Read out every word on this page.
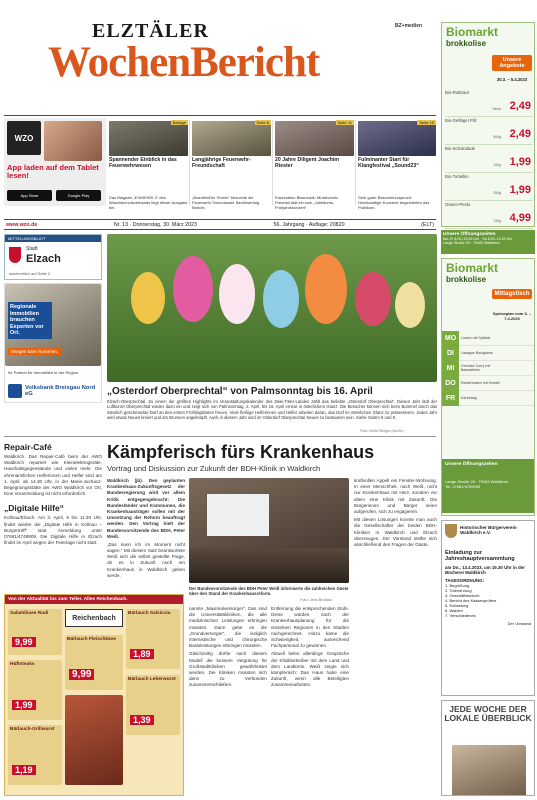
ELZTÄLER
WochenBericht
BZ+medien
WZO
App laden auf dem Tablet lesen!
App Store	Google Play
Beilage
Spannender Einblick in das Feuerwehrwesen
Das Magazin „EINSEINS 2“ des Waschtechnikverbands liegt dieser Ausgabe bei.
Seite 8
Langjährige Feuerwehr-Freundschaft
„Brandheißer Termin“ besuchte die Feuerwehr Simonswald. Bezirkserfolg Bericht.
Seite 11
20 Jahre Diligent Joachim Riester
Faszination Blasmusik: Musikverein Prechtal lädt ein zum „Jubiläums-Frühjahrskonzert“.
Seite 15
Fulminanter Start für Klangfestival „Sound23“
Sehr guter Besucherzuspruch: Hochkarätige Konzerte begeisterten das Publikum.
www.wzo.de	Nr. 13 · Donnerstag, 30. März 2023	56. Jahrgang · Auflage: 20820	(ELT)
MITTELUNGSBLATT
Stadt
Elzach
wöchentlich auf Seite 2
Regionale Immobilien brauchen Experten vor Ort.
Morgen kann kommen.
Ihr Partner für Immobilien in der Region
Volksbank Breisgau Nord eG	„Osterdorf Oberprechtal“ von Palmsonntag bis 16. April
Elzach-Oberprechtal. Zu einem der größten Highlights im Veranstaltungskalender des Zwei-Täler-Landes zählt das beliebte „Osterdorf Oberprechtal“. Diesen Jahr lädt der Luftkurort Oberprechtal wieder dazu ein und zeigt sich von Palmsonntag, 2. April, bis 16. April erneut in österlichem Glanz. Die Besucher können sich beim Bummel durch das österlich geschmückte Dorf an den ersten Frühlingsboten freuen. Viele fleißige Helferinnen und Helfer arbeiten daran, das Dorf im österlichen Glanz zu präsentieren. Jedes Jahr wird etwas Neues kreiert und am Brunnen angeknüpft. Auch in diesem Jahr wird im Osterdorf Oberprechtal Neues zu bestaunen sein. Siehe Seiten 8 und 9.
Foto: Detlef Berger (Archiv)
Repair-Café

Waldkirch. Das Repair-Café beim der AWO Waldkirch repariert wie Kleinelektrogeräte, Haushaltsgegenstände und vieles mehr. Die ehrenamtlichen Helferinnen und Helfer sind am 1. April, ab 14.30 Uhr, in der Marie-Juchacz-Begegnungsstätte der AWO Waldkirch vor Ort. Eine Voranmeldung ist nicht erforderlich.

„Digitale Hilfe“

Kollnau/Elzach. Am 3. April, 9 bis 11.30 Uhr, findet wieder die „Digitale Hilfe in Kollnau – Bürgertreff“ statt. Anmeldung unter 07681/4749909. Die Digitale Hilfe in Elzach findet im April wegen der Feiertage nicht statt.

Kämpferisch fürs Krankenhaus
Vortrag und Diskussion zur Zukunft der BDH-Klinik in Waldkirch

Waldkirch (jb). Den geplanten Krankenhaus-Zukunftsgesetz der Bundesregierung wird vor allem Kritik entgegengebracht: Die Bundesländer und Kommunen, die Krankenhausträger sollen mit der Umsetzung der Reform beauftragt werden. Den Vortrag hielt der Bundesvorsitzende des BDH, Peter Weiß.

„Das kann ich im Moment nicht sagen.“ Mit diesem Satz beantwortete Weiß sich die selbst gestellte Frage, ob es in Zukunft noch ein Krankenhaus in Waldkirch geben werde.

Der Bundesvorsitzende des BDH Peter Weiß informierte die zahlreichen Gäste über den Stand der Krankenhausreform.
Foto: Jens Brodatz

kraftvollen Appell ein Fenster-Wohnung. In einer Menschheit, nach Weiß, nicht nur Krankenhaus mit Herz, sondern vor allem eine Klinik mit Zukunft. Die Bürgerinnen und Bürger seien aufgerufen, sich zu engagieren.

Mit diesen Lösungen konnte man auch die Gesellschafter der beiden BDH-Kliniken in Waldkirch und Elzach überzeugen. Der Vorstand stellte sich abschließend den Fragen der Gäste.

nannte „Maximalversorger“. Das sind die Universitätskliniken, die alle medizinischen Leistungen erbringen müssten. Dann gebe es die „Grundversorger“, die lediglich internistische und chirurgische Basisleistungen erbringen müssten.

Gleichzeitig dürfte nach diesem Modell die bessere Vergütung für Großstadtkliniken gewährleistet werden. Die Kliniken müssten sich dann zu Verbünden zusammenschließen.

Entfernung die entsprechenden Stufe. Diese würden nach der Krankenhausplanung für die einzelnen Regionen in den Städten nachgerechnet. Hinzu käme die Schwierigkeit, ausreichend Fachpersonal zu gewinnen.

Aktuell liefen allerdings Gespräche der Klinikbetreiber mit dem Land und dem Landkreis. Weiß zeigte sich kämpferisch: Das Haus habe eine Zukunft, wenn alle Beteiligten zusammenarbeiten.

Von der Aktualität bis zum Teller. Alles Reichenbach.
Reichenbach
Salamihase Rudi
9,99
Bärlauch Salsiccia
1,89
Bärlauch Fleischkäse
9,99	Bärlauch Leberwurst
1,39
Hüftsteaks
1,99
Bärlauch-Grillwurst
1,19
Biomarkt
brokkolise
Unsere Angebote
30.3. – 5.4.2023
Bio-Rotkraut
Stück 2,49
Bio-Geflügel Pilz
500g 2,49
Bio-Schokolade
100g 1,99
Bio-Tortellini
250g 1,99
Ostern-Pesto
130g 4,99
Unsere Öffnungszeiten
Mo–Fr 8.00–19.00 Uhr · Sa 8.00–16.00 Uhr
Lange Straße 28 · 79183 Waldkirch
Biomarkt
brokkolise
Mittagstisch
Speiseplan vom 3. – 7.4.2023
MO	Linsen mit Spätzle
DI	Lasagne Bolognese
MI	Gemüse Curry mit Basmatireis
DO	Rinderbraten mit Knödel
FR	Karfreitag
Unsere Öffnungszeiten
Lange Straße 28 · 79183 Waldkirch
Tel. 07681/4759995
Historischer Bürgerverein Waldkirch e.V.
Einladung zur Jahreshauptversammlung
am Do., 13.4.2023, um 19.30 Uhr in der Bücherei Waldkirch
TAGESORDNUNG:
1. Begrüßung
2. Totenehrung
3. Geschäftsbericht
4. Bericht des Kassenprüfers
5. Entlastung
6. Wahlen
7. Verschiedenes
Der Vorstand
JEDE WOCHE DER LOKALE ÜBERBLICK
